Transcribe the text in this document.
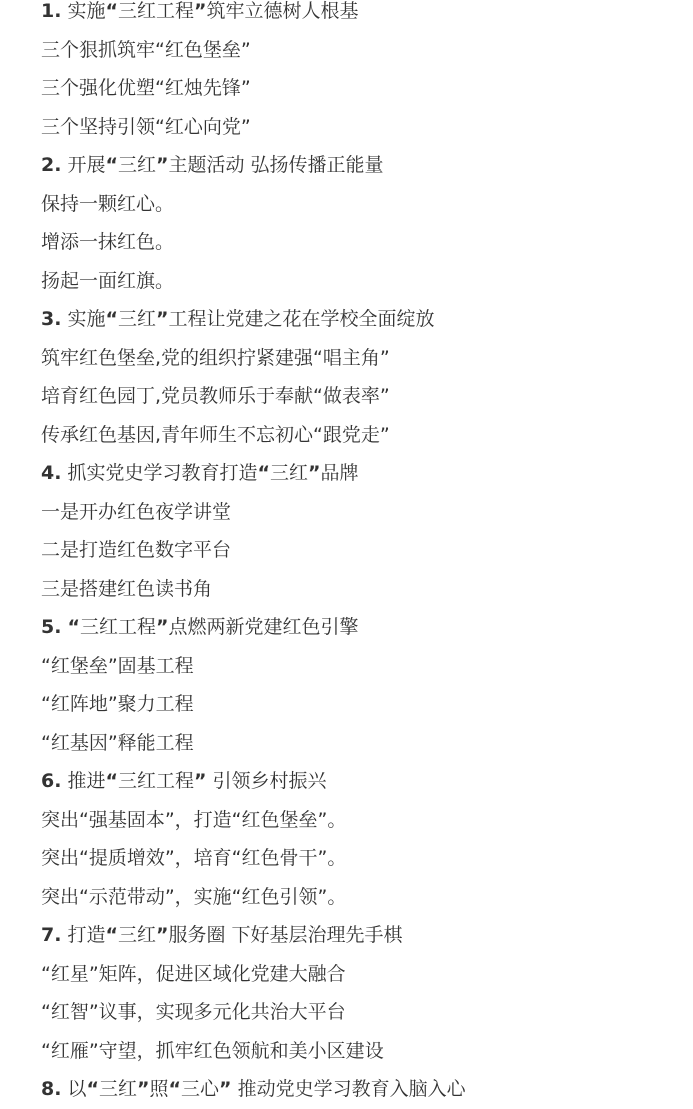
1. 实施“三红工程”筑牢立德树人根基
三个狠抓筑牢“红色堡垒”
三个强化优塑“红烛先锋”
三个坚持引领“红心向党”
2. 开展“三红”主题活动 弘扬传播正能量
保持一颗红心。
增添一抹红色。
扬起一面红旗。
3. 实施“三红”工程让党建之花在学校全面绽放
筑牢红色堡垒,党的组织拧紧建强“唱主角”
培育红色园丁,党员教师乐于奉献“做表率”
传承红色基因,青年师生不忘初心“跟党走”
4. 抓实党史学习教育打造“三红”品牌
一是开办红色夜学讲堂
二是打造红色数字平台
三是搭建红色读书角
5. “三红工程”点燃两新党建红色引擎
“红堡垒”固基工程
“红阵地”聚力工程
“红基因”释能工程
6. 推进“三红工程” 引领乡村振兴
突出“强基固本”，打造“红色堡垒”。
突出“提质增效”，培育“红色骨干”。
突出“示范带动”，实施“红色引领”。
7. 打造“三红”服务圈 下好基层治理先手棋
“红星”矩阵，促进区域化党建大融合
“红智”议事，实现多元化共治大平台
“红雁”守望，抓牢红色领航和美小区建设
8. 以“三红”照“三心” 推动党史学习教育入脑入心
